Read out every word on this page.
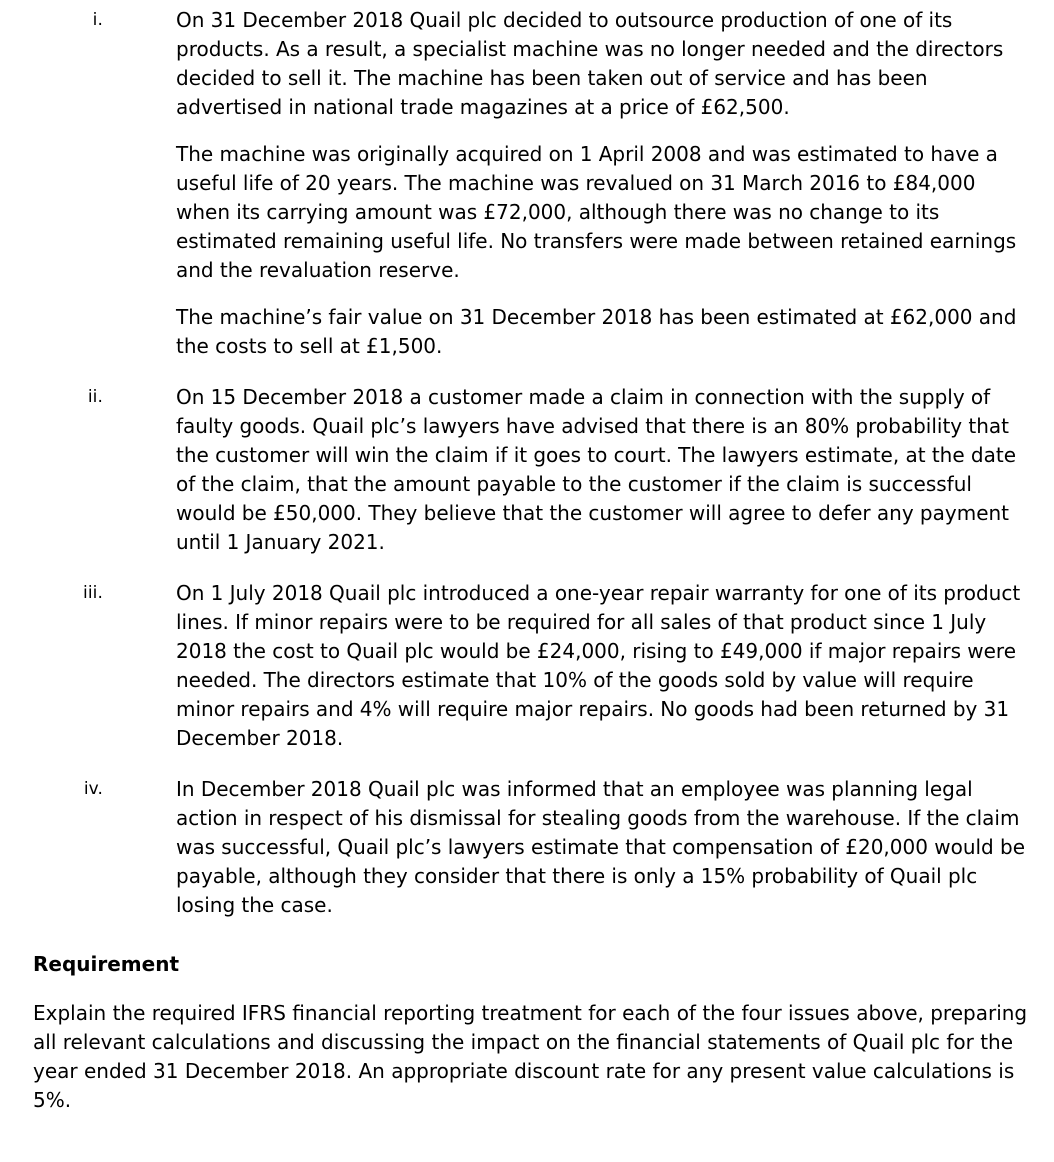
i.	On 31 December 2018 Quail plc decided to outsource production of one of its products. As a result, a specialist machine was no longer needed and the directors decided to sell it. The machine has been taken out of service and has been advertised in national trade magazines at a price of £62,500.

The machine was originally acquired on 1 April 2008 and was estimated to have a useful life of 20 years. The machine was revalued on 31 March 2016 to £84,000 when its carrying amount was £72,000, although there was no change to its estimated remaining useful life. No transfers were made between retained earnings and the revaluation reserve.

The machine’s fair value on 31 December 2018 has been estimated at £62,000 and the costs to sell at £1,500.

ii.	On 15 December 2018 a customer made a claim in connection with the supply of faulty goods. Quail plc’s lawyers have advised that there is an 80% probability that the customer will win the claim if it goes to court. The lawyers estimate, at the date of the claim, that the amount payable to the customer if the claim is successful would be £50,000. They believe that the customer will agree to defer any payment until 1 January 2021.

iii.	On 1 July 2018 Quail plc introduced a one-year repair warranty for one of its product lines. If minor repairs were to be required for all sales of that product since 1 July 2018 the cost to Quail plc would be £24,000, rising to £49,000 if major repairs were needed. The directors estimate that 10% of the goods sold by value will require minor repairs and 4% will require major repairs. No goods had been returned by 31 December 2018.

iv.	In December 2018 Quail plc was informed that an employee was planning legal action in respect of his dismissal for stealing goods from the warehouse. If the claim was successful, Quail plc’s lawyers estimate that compensation of £20,000 would be payable, although they consider that there is only a 15% probability of Quail plc losing the case.

Requirement

Explain the required IFRS financial reporting treatment for each of the four issues above, preparing all relevant calculations and discussing the impact on the financial statements of Quail plc for the year ended 31 December 2018. An appropriate discount rate for any present value calculations is 5%.
